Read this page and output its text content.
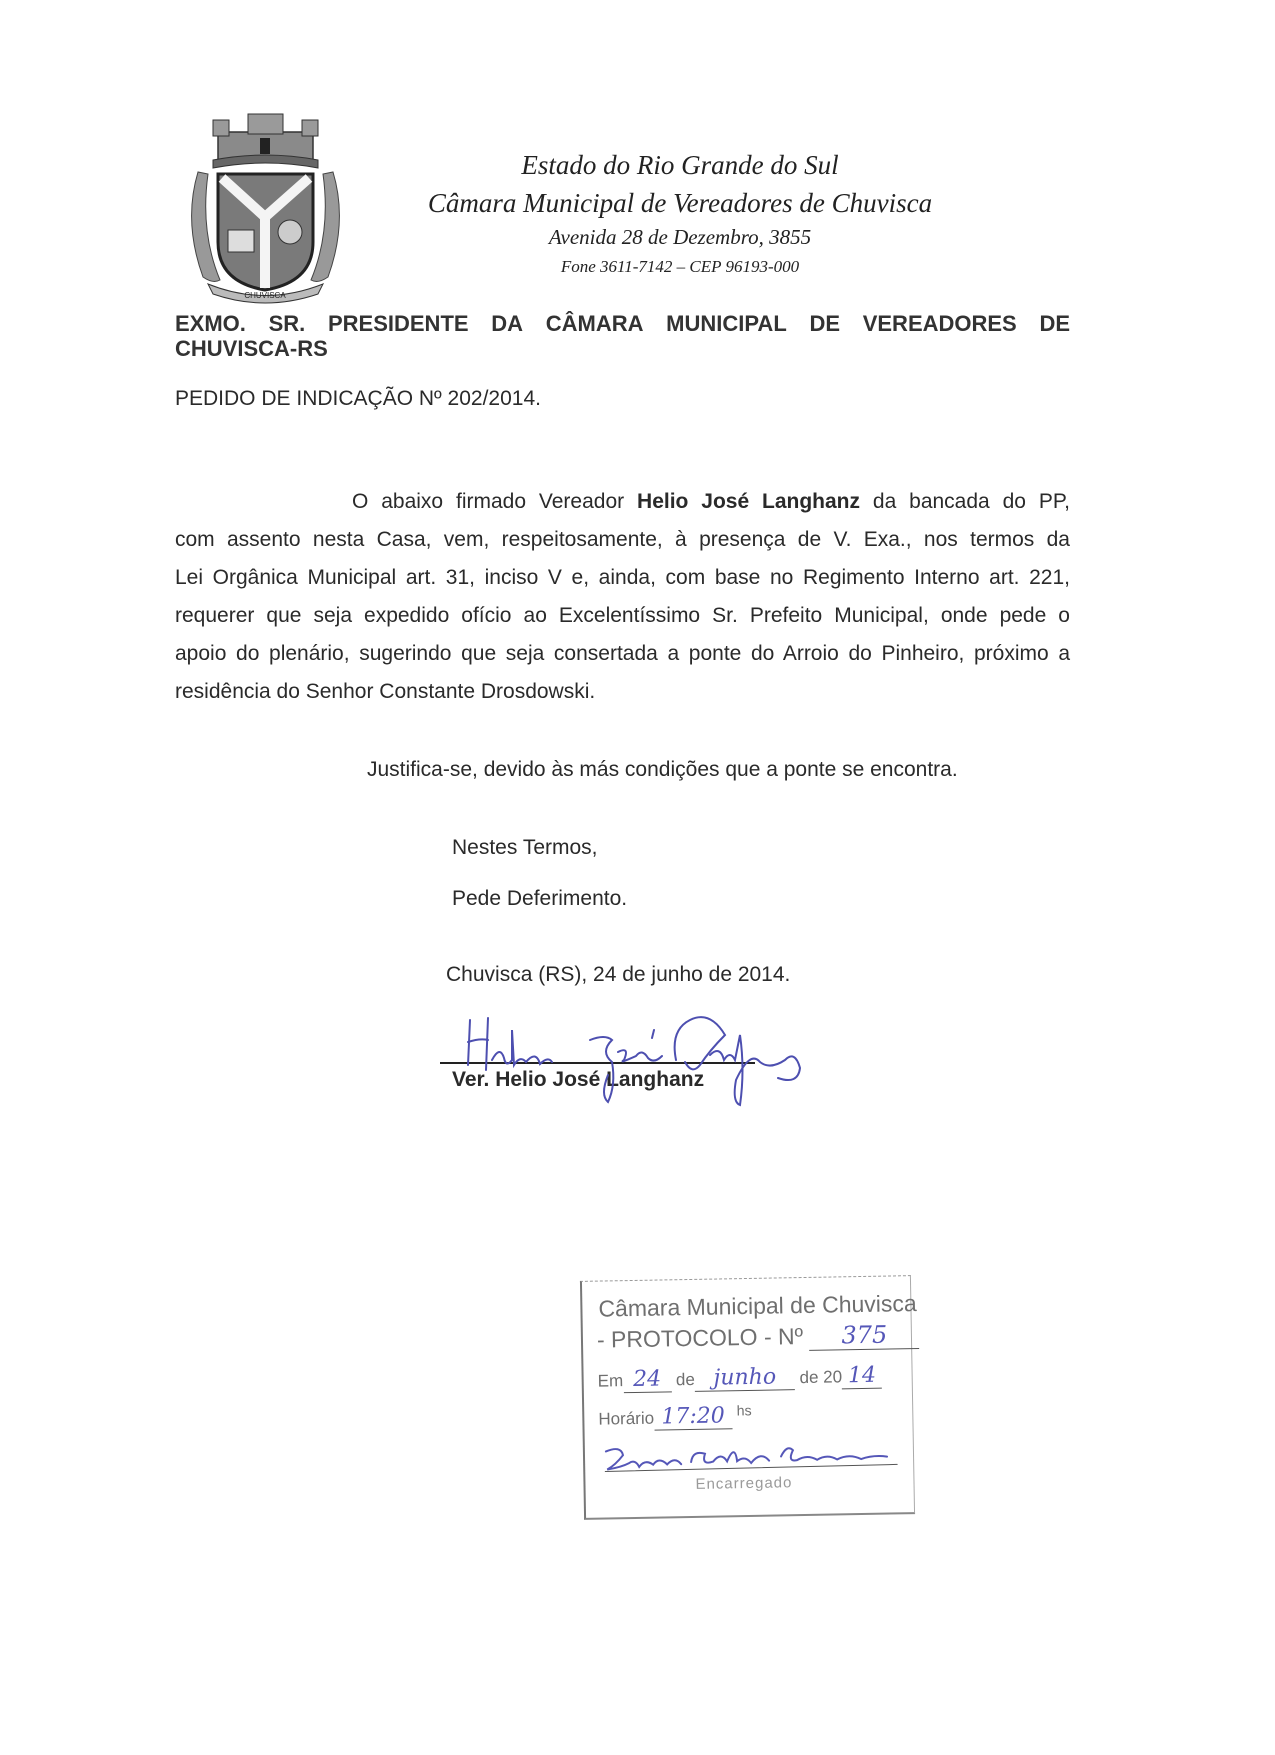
CHUVISCA
Estado do Rio Grande do Sul
Câmara Municipal de Vereadores de Chuvisca
Avenida 28 de Dezembro, 3855
Fone 3611-7142 – CEP 96193-000
EXMO. SR. PRESIDENTE DA CÂMARA MUNICIPAL DE VEREADORES DE
CHUVISCA-RS
PEDIDO DE INDICAÇÃO Nº 202/2014.
O abaixo firmado Vereador Helio José Langhanz da bancada do PP,
com assento nesta Casa, vem, respeitosamente, à presença de V. Exa., nos termos da
Lei Orgânica Municipal art. 31, inciso V e, ainda, com base no Regimento Interno art. 221,
requerer que seja expedido ofício ao Excelentíssimo Sr. Prefeito Municipal, onde pede o
apoio do plenário, sugerindo que seja consertada a ponte do Arroio do Pinheiro, próximo a
residência do Senhor Constante Drosdowski.
Justifica-se, devido às más condições que a ponte se encontra.
Nestes Termos,
Pede Deferimento.
Chuvisca (RS), 24 de junho de 2014.
Ver. Helio José Langhanz
Câmara Municipal de Chuvisca
- PROTOCOLO - Nº 375
Em 24 de junho de 20 14
Horário 17:20 $^{hs}$
Encarregado
